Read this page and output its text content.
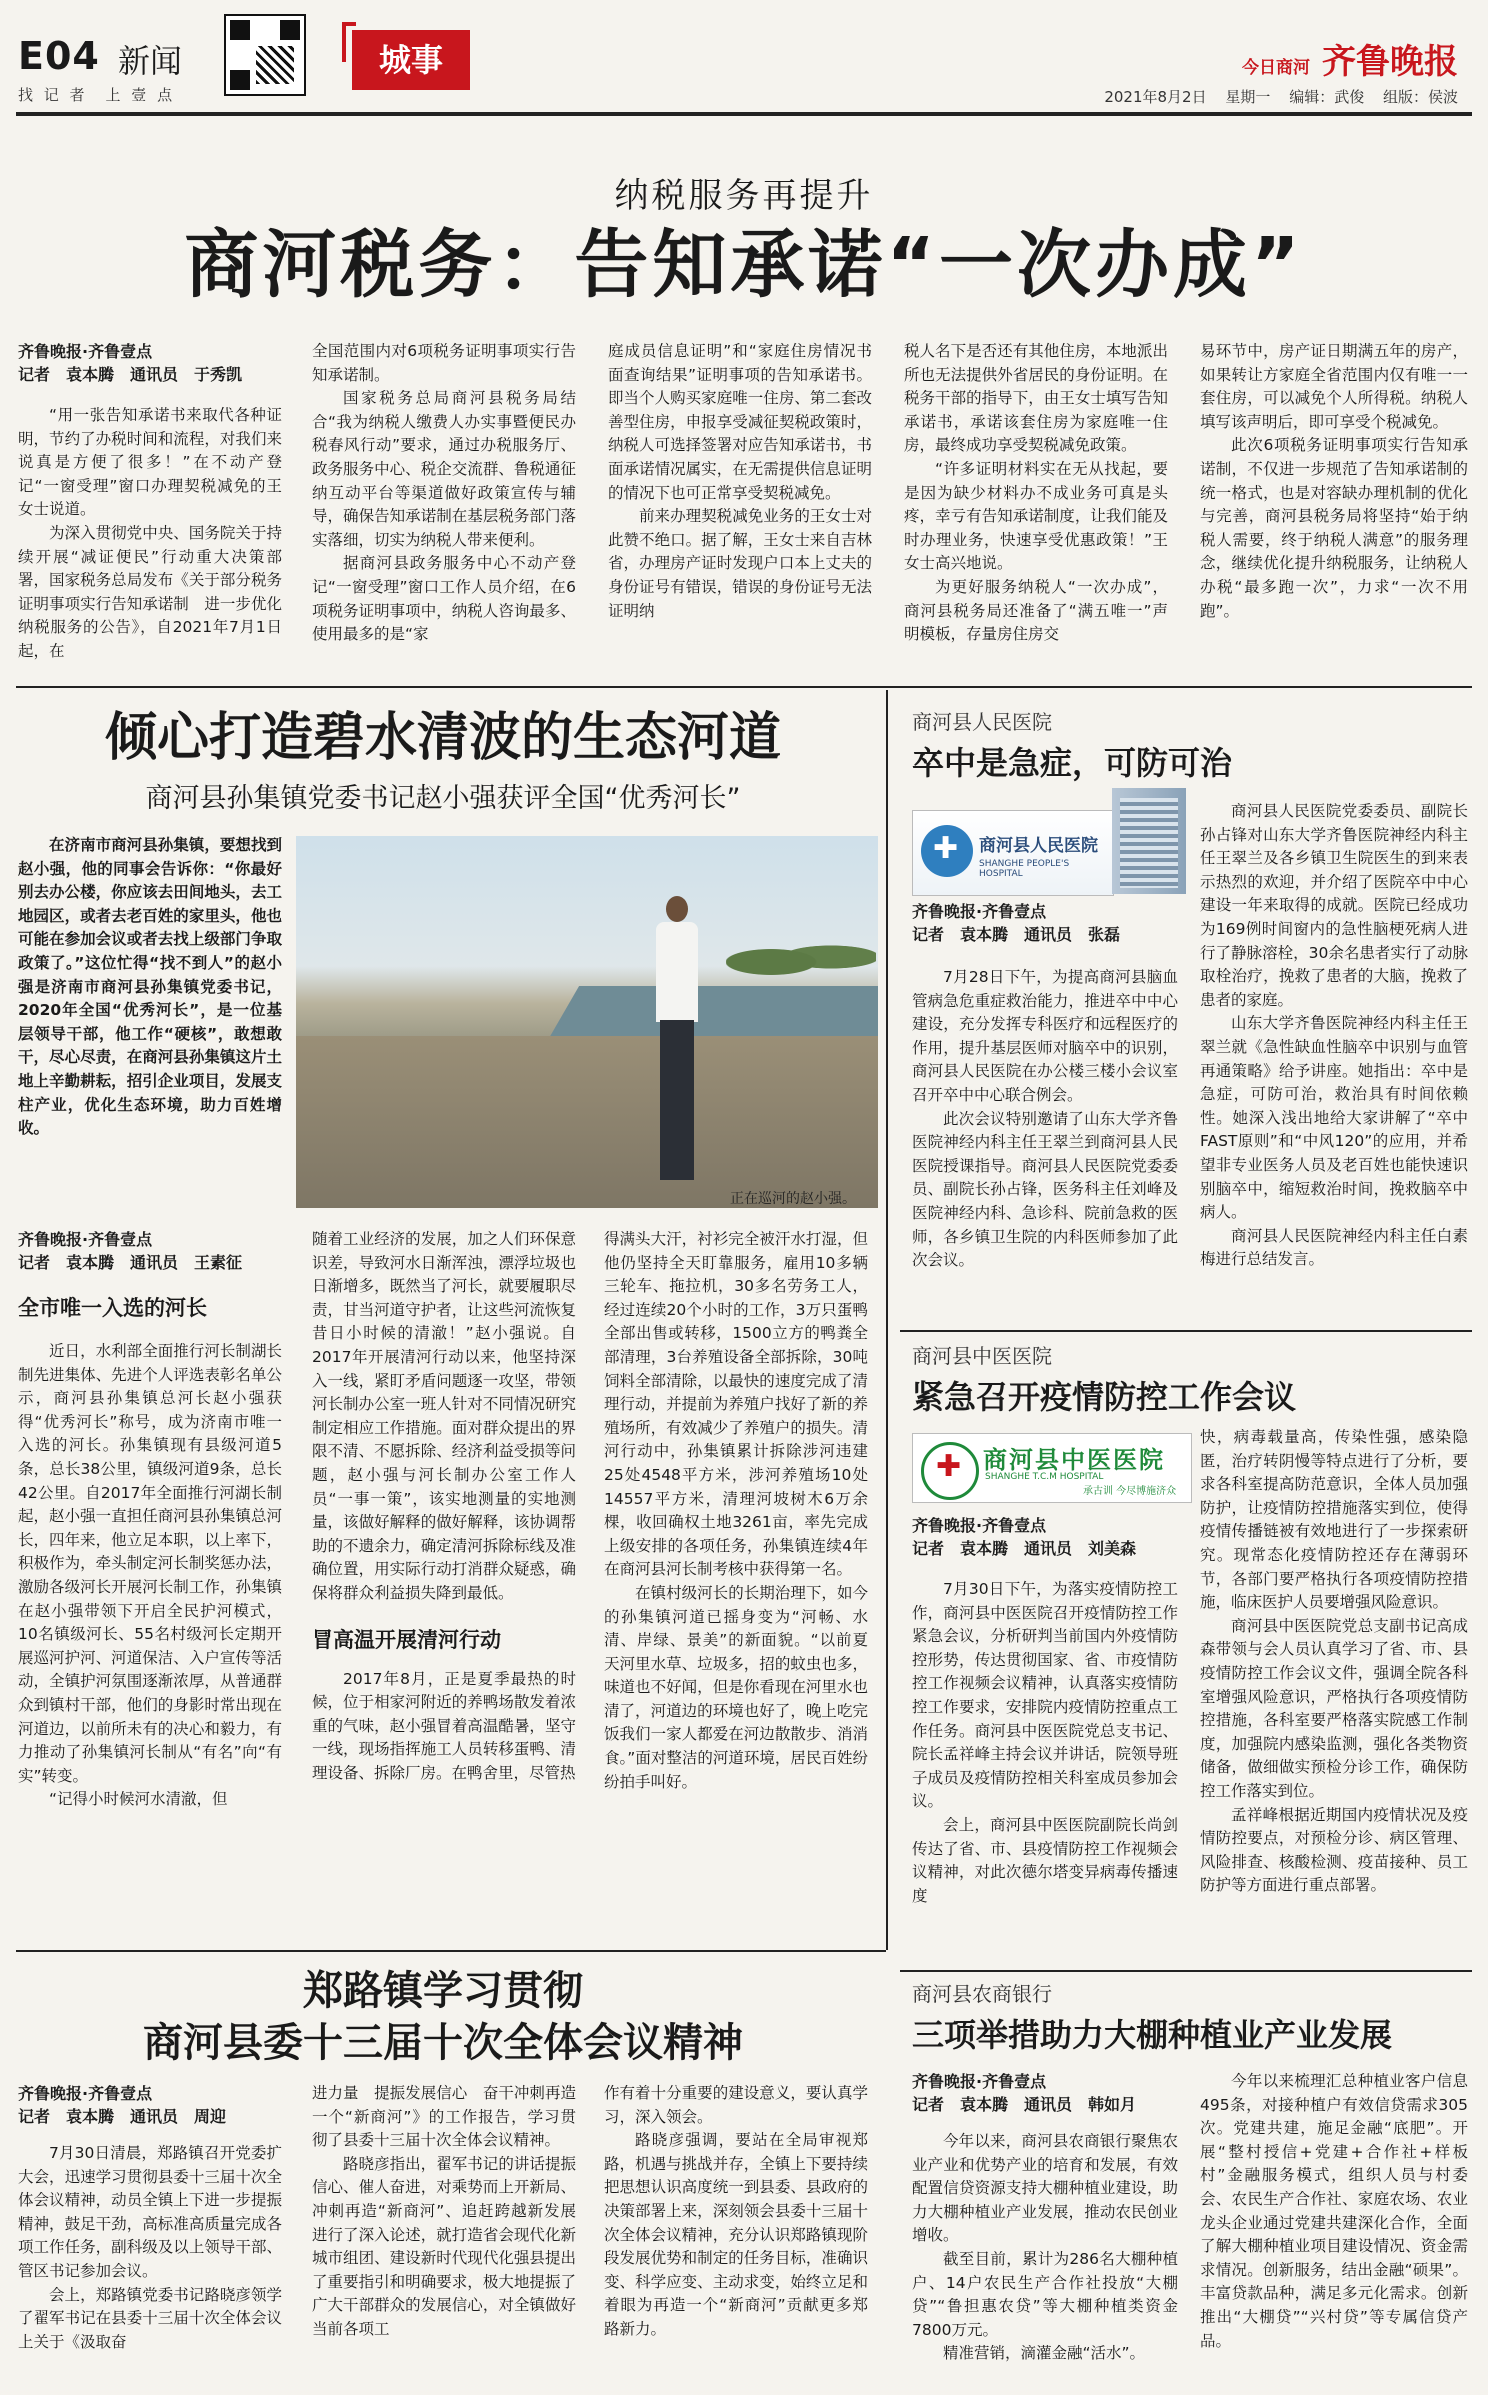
E04 新闻
找 记 者　上 壹 点
城事	今日商河 齐鲁晚报
2021年8月2日 星期一 编辑：武俊 组版：侯波
纳税服务再提升
商河税务：告知承诺“一次办成”
齐鲁晚报·齐鲁壹点
记者　袁本腾　通讯员　于秀凯

“用一张告知承诺书来取代各种证明，节约了办税时间和流程，对我们来说真是方便了很多！”在不动产登记“一窗受理”窗口办理契税减免的王女士说道。

为深入贯彻党中央、国务院关于持续开展“减证便民”行动重大决策部署，国家税务总局发布《关于部分税务证明事项实行告知承诺制　进一步优化纳税服务的公告》，自2021年7月1日起，在

全国范围内对6项税务证明事项实行告知承诺制。

国家税务总局商河县税务局结合“我为纳税人缴费人办实事暨便民办税春风行动”要求，通过办税服务厅、政务服务中心、税企交流群、鲁税通征纳互动平台等渠道做好政策宣传与辅导，确保告知承诺制在基层税务部门落实落细，切实为纳税人带来便利。

据商河县政务服务中心不动产登记“一窗受理”窗口工作人员介绍，在6项税务证明事项中，纳税人咨询最多、使用最多的是“家

庭成员信息证明”和“家庭住房情况书面查询结果”证明事项的告知承诺书。即当个人购买家庭唯一住房、第二套改善型住房，申报享受减征契税政策时，纳税人可选择签署对应告知承诺书，书面承诺情况属实，在无需提供信息证明的情况下也可正常享受契税减免。

前来办理契税减免业务的王女士对此赞不绝口。据了解，王女士来自吉林省，办理房产证时发现户口本上丈夫的身份证号有错误，错误的身份证号无法证明纳

税人名下是否还有其他住房，本地派出所也无法提供外省居民的身份证明。在税务干部的指导下，由王女士填写告知承诺书，承诺该套住房为家庭唯一住房，最终成功享受契税减免政策。

“许多证明材料实在无从找起，要是因为缺少材料办不成业务可真是头疼，幸亏有告知承诺制度，让我们能及时办理业务，快速享受优惠政策！”王女士高兴地说。

为更好服务纳税人“一次办成”，商河县税务局还准备了“满五唯一”声明模板，存量房住房交

易环节中，房产证日期满五年的房产，如果转让方家庭全省范围内仅有唯一一套住房，可以减免个人所得税。纳税人填写该声明后，即可享受个税减免。

此次6项税务证明事项实行告知承诺制，不仅进一步规范了告知承诺制的统一格式，也是对容缺办理机制的优化与完善，商河县税务局将坚持“始于纳税人需要，终于纳税人满意”的服务理念，继续优化提升纳税服务，让纳税人办税“最多跑一次”，力求“一次不用跑”。

倾心打造碧水清波的生态河道
商河县孙集镇党委书记赵小强获评全国“优秀河长”

在济南市商河县孙集镇，要想找到赵小强，他的同事会告诉你：“你最好别去办公楼，你应该去田间地头，去工地园区，或者去老百姓的家里头，他也可能在参加会议或者去找上级部门争取政策了。”这位忙得“找不到人”的赵小强是济南市商河县孙集镇党委书记，2020年全国“优秀河长”，是一位基层领导干部，他工作“硬核”，敢想敢干，尽心尽责，在商河县孙集镇这片土地上辛勤耕耘，招引企业项目，发展支柱产业，优化生态环境，助力百姓增收。

正在巡河的赵小强。
齐鲁晚报·齐鲁壹点
记者　袁本腾　通讯员　王素征
全市唯一入选的河长

近日，水利部全面推行河长制湖长制先进集体、先进个人评选表彰名单公示，商河县孙集镇总河长赵小强获得“优秀河长”称号，成为济南市唯一入选的河长。孙集镇现有县级河道5条，总长38公里，镇级河道9条，总长42公里。自2017年全面推行河湖长制起，赵小强一直担任商河县孙集镇总河长，四年来，他立足本职，以上率下，积极作为，牵头制定河长制奖惩办法，激励各级河长开展河长制工作，孙集镇在赵小强带领下开启全民护河模式，10名镇级河长、55名村级河长定期开展巡河护河、河道保洁、入户宣传等活动，全镇护河氛围逐渐浓厚，从普通群众到镇村干部，他们的身影时常出现在河道边，以前所未有的决心和毅力，有力推动了孙集镇河长制从“有名”向“有实”转变。

“记得小时候河水清澈，但

随着工业经济的发展，加之人们环保意识差，导致河水日渐浑浊，漂浮垃圾也日渐增多，既然当了河长，就要履职尽责，甘当河道守护者，让这些河流恢复昔日小时候的清澈！”赵小强说。自2017年开展清河行动以来，他坚持深入一线，紧盯矛盾问题逐一攻坚，带领河长制办公室一班人针对不同情况研究制定相应工作措施。面对群众提出的界限不清、不愿拆除、经济利益受损等问题，赵小强与河长制办公室工作人员“一事一策”，该实地测量的实地测量，该做好解释的做好解释，该协调帮助的不遗余力，确定清河拆除标线及准确位置，用实际行动打消群众疑惑，确保将群众利益损失降到最低。

冒高温开展清河行动

2017年8月，正是夏季最热的时候，位于相家河附近的养鸭场散发着浓重的气味，赵小强冒着高温酷暑，坚守一线，现场指挥施工人员转移蛋鸭、清理设备、拆除厂房。在鸭舍里，尽管热

得满头大汗，衬衫完全被汗水打湿，但他仍坚持全天盯靠服务，雇用10多辆三轮车、拖拉机，30多名劳务工人，经过连续20个小时的工作，3万只蛋鸭全部出售或转移，1500立方的鸭粪全部清理，3台养殖设备全部拆除，30吨饲料全部清除，以最快的速度完成了清理行动，并提前为养殖户找好了新的养殖场所，有效减少了养殖户的损失。清河行动中，孙集镇累计拆除涉河违建25处4548平方米，涉河养殖场10处14557平方米，清理河坡树木6万余棵，收回确权土地3261亩，率先完成上级安排的各项任务，孙集镇连续4年在商河县河长制考核中获得第一名。

在镇村级河长的长期治理下，如今的孙集镇河道已摇身变为“河畅、水清、岸绿、景美”的新面貌。“以前夏天河里水草、垃圾多，招的蚊虫也多，味道也不好闻，但是你看现在河里水也清了，河道边的环境也好了，晚上吃完饭我们一家人都爱在河边散散步、消消食。”面对整洁的河道环境，居民百姓纷纷拍手叫好。

郑路镇学习贯彻
商河县委十三届十次全体会议精神
齐鲁晚报·齐鲁壹点
记者　袁本腾　通讯员　周迎

7月30日清晨，郑路镇召开党委扩大会，迅速学习贯彻县委十三届十次全体会议精神，动员全镇上下进一步提振精神，鼓足干劲，高标准高质量完成各项工作任务，副科级及以上领导干部、管区书记参加会议。

会上，郑路镇党委书记路晓彦领学了翟军书记在县委十三届十次全体会议上关于《汲取奋

进力量　提振发展信心　奋干冲刺再造一个“新商河”》的工作报告，学习贯彻了县委十三届十次全体会议精神。

路晓彦指出，翟军书记的讲话提振信心、催人奋进，对乘势而上开新局、冲刺再造“新商河”、追赶跨越新发展进行了深入论述，就打造省会现代化新城市组团、建设新时代现代化强县提出了重要指引和明确要求，极大地提振了广大干部群众的发展信心，对全镇做好当前各项工

作有着十分重要的建设意义，要认真学习，深入领会。

路晓彦强调，要站在全局审视郑路，机遇与挑战并存，全镇上下要持续把思想认识高度统一到县委、县政府的决策部署上来，深刻领会县委十三届十次全体会议精神，充分认识郑路镇现阶段发展优势和制定的任务目标，准确识变、科学应变、主动求变，始终立足和着眼为再造一个“新商河”贡献更多郑路新力。

商河县人民医院
卒中是急症，可防可治
✚
商河县人民医院
SHANGHE PEOPLE'S HOSPITAL
齐鲁晚报·齐鲁壹点
记者　袁本腾　通讯员　张磊

7月28日下午，为提高商河县脑血管病急危重症救治能力，推进卒中中心建设，充分发挥专科医疗和远程医疗的作用，提升基层医师对脑卒中的识别，商河县人民医院在办公楼三楼小会议室召开卒中中心联合例会。

此次会议特别邀请了山东大学齐鲁医院神经内科主任王翠兰到商河县人民医院授课指导。商河县人民医院党委委员、副院长孙占锋，医务科主任刘峰及医院神经内科、急诊科、院前急救的医师，各乡镇卫生院的内科医师参加了此次会议。

商河县人民医院党委委员、副院长孙占锋对山东大学齐鲁医院神经内科主任王翠兰及各乡镇卫生院医生的到来表示热烈的欢迎，并介绍了医院卒中中心建设一年来取得的成就。医院已经成功为169例时间窗内的急性脑梗死病人进行了静脉溶栓，30余名患者实行了动脉取栓治疗，挽救了患者的大脑，挽救了患者的家庭。

山东大学齐鲁医院神经内科主任王翠兰就《急性缺血性脑卒中识别与血管再通策略》给予讲座。她指出：卒中是急症，可防可治，救治具有时间依赖性。她深入浅出地给大家讲解了“卒中FAST原则”和“中风120”的应用，并希望非专业医务人员及老百姓也能快速识别脑卒中，缩短救治时间，挽救脑卒中病人。

商河县人民医院神经内科主任白素梅进行总结发言。

商河县中医医院
紧急召开疫情防控工作会议
✚
商河县中医医院
SHANGHE T.C.M HOSPITAL
承古训 今尽博施济众
齐鲁晚报·齐鲁壹点
记者　袁本腾　通讯员　刘美森

7月30日下午，为落实疫情防控工作，商河县中医医院召开疫情防控工作紧急会议，分析研判当前国内外疫情防控形势，传达贯彻国家、省、市疫情防控工作视频会议精神，认真落实疫情防控工作要求，安排院内疫情防控重点工作任务。商河县中医医院党总支书记、院长孟祥峰主持会议并讲话，院领导班子成员及疫情防控相关科室成员参加会议。

会上，商河县中医医院副院长尚剑传达了省、市、县疫情防控工作视频会议精神，对此次德尔塔变异病毒传播速度

快，病毒载量高，传染性强，感染隐匿，治疗转阴慢等特点进行了分析，要求各科室提高防范意识，全体人员加强防护，让疫情防控措施落实到位，使得疫情传播链被有效地进行了一步探索研究。现常态化疫情防控还存在薄弱环节，各部门要严格执行各项疫情防控措施，临床医护人员要增强风险意识。

商河县中医医院党总支副书记高成森带领与会人员认真学习了省、市、县疫情防控工作会议文件，强调全院各科室增强风险意识，严格执行各项疫情防控措施，各科室要严格落实院感工作制度，加强院内感染监测，强化各类物资储备，做细做实预检分诊工作，确保防控工作落实到位。

孟祥峰根据近期国内疫情状况及疫情防控要点，对预检分诊、病区管理、风险排查、核酸检测、疫苗接种、员工防护等方面进行重点部署。

商河县农商银行
三项举措助力大棚种植业产业发展
齐鲁晚报·齐鲁壹点
记者　袁本腾　通讯员　韩如月

今年以来，商河县农商银行聚焦农业产业和优势产业的培育和发展，有效配置信贷资源支持大棚种植业建设，助力大棚种植业产业发展，推动农民创业增收。

截至目前，累计为286名大棚种植户、14户农民生产合作社投放“大棚贷”“鲁担惠农贷”等大棚种植类资金7800万元。

精准营销，滴灌金融“活水”。

今年以来梳理汇总种植业客户信息495条，对接种植户有效信贷需求305次。党建共建，施足金融“底肥”。开展“整村授信+党建+合作社+样板村”金融服务模式，组织人员与村委会、农民生产合作社、家庭农场、农业龙头企业通过党建共建深化合作，全面了解大棚种植业项目建设情况、资金需求情况。创新服务，结出金融“硕果”。丰富贷款品种，满足多元化需求。创新推出“大棚贷”“兴村贷”等专属信贷产品。
